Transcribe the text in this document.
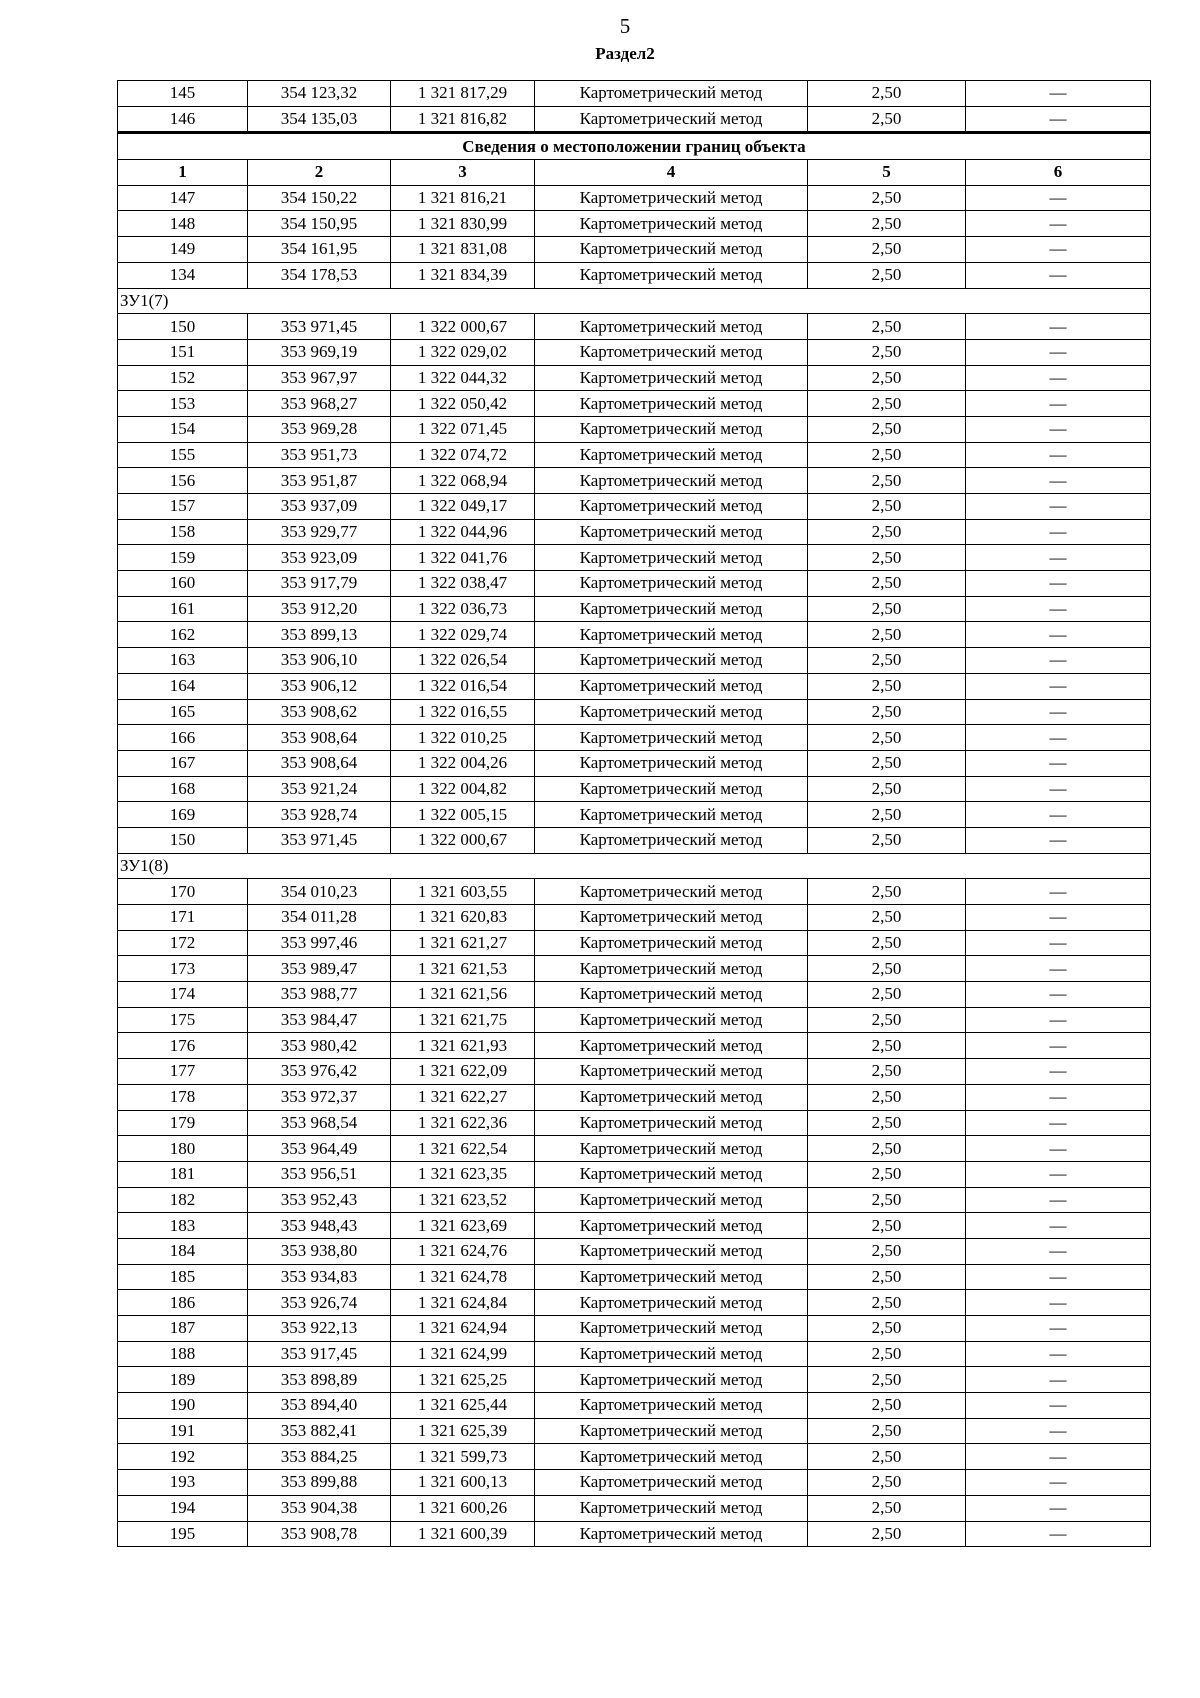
5
Раздел2
145	354 123,32	1 321 817,29	Картометрический метод	2,50	—
146	354 135,03	1 321 816,82	Картометрический метод	2,50	—
Сведения о местоположении границ объекта					
1	2	3	4	5	6
147	354 150,22	1 321 816,21	Картометрический метод	2,50	—
148	354 150,95	1 321 830,99	Картометрический метод	2,50	—
149	354 161,95	1 321 831,08	Картометрический метод	2,50	—
134	354 178,53	1 321 834,39	Картометрический метод	2,50	—
ЗУ1(7)					
150	353 971,45	1 322 000,67	Картометрический метод	2,50	—
151	353 969,19	1 322 029,02	Картометрический метод	2,50	—
152	353 967,97	1 322 044,32	Картометрический метод	2,50	—
153	353 968,27	1 322 050,42	Картометрический метод	2,50	—
154	353 969,28	1 322 071,45	Картометрический метод	2,50	—
155	353 951,73	1 322 074,72	Картометрический метод	2,50	—
156	353 951,87	1 322 068,94	Картометрический метод	2,50	—
157	353 937,09	1 322 049,17	Картометрический метод	2,50	—
158	353 929,77	1 322 044,96	Картометрический метод	2,50	—
159	353 923,09	1 322 041,76	Картометрический метод	2,50	—
160	353 917,79	1 322 038,47	Картометрический метод	2,50	—
161	353 912,20	1 322 036,73	Картометрический метод	2,50	—
162	353 899,13	1 322 029,74	Картометрический метод	2,50	—
163	353 906,10	1 322 026,54	Картометрический метод	2,50	—
164	353 906,12	1 322 016,54	Картометрический метод	2,50	—
165	353 908,62	1 322 016,55	Картометрический метод	2,50	—
166	353 908,64	1 322 010,25	Картометрический метод	2,50	—
167	353 908,64	1 322 004,26	Картометрический метод	2,50	—
168	353 921,24	1 322 004,82	Картометрический метод	2,50	—
169	353 928,74	1 322 005,15	Картометрический метод	2,50	—
150	353 971,45	1 322 000,67	Картометрический метод	2,50	—
ЗУ1(8)					
170	354 010,23	1 321 603,55	Картометрический метод	2,50	—
171	354 011,28	1 321 620,83	Картометрический метод	2,50	—
172	353 997,46	1 321 621,27	Картометрический метод	2,50	—
173	353 989,47	1 321 621,53	Картометрический метод	2,50	—
174	353 988,77	1 321 621,56	Картометрический метод	2,50	—
175	353 984,47	1 321 621,75	Картометрический метод	2,50	—
176	353 980,42	1 321 621,93	Картометрический метод	2,50	—
177	353 976,42	1 321 622,09	Картометрический метод	2,50	—
178	353 972,37	1 321 622,27	Картометрический метод	2,50	—
179	353 968,54	1 321 622,36	Картометрический метод	2,50	—
180	353 964,49	1 321 622,54	Картометрический метод	2,50	—
181	353 956,51	1 321 623,35	Картометрический метод	2,50	—
182	353 952,43	1 321 623,52	Картометрический метод	2,50	—
183	353 948,43	1 321 623,69	Картометрический метод	2,50	—
184	353 938,80	1 321 624,76	Картометрический метод	2,50	—
185	353 934,83	1 321 624,78	Картометрический метод	2,50	—
186	353 926,74	1 321 624,84	Картометрический метод	2,50	—
187	353 922,13	1 321 624,94	Картометрический метод	2,50	—
188	353 917,45	1 321 624,99	Картометрический метод	2,50	—
189	353 898,89	1 321 625,25	Картометрический метод	2,50	—
190	353 894,40	1 321 625,44	Картометрический метод	2,50	—
191	353 882,41	1 321 625,39	Картометрический метод	2,50	—
192	353 884,25	1 321 599,73	Картометрический метод	2,50	—
193	353 899,88	1 321 600,13	Картометрический метод	2,50	—
194	353 904,38	1 321 600,26	Картометрический метод	2,50	—
195	353 908,78	1 321 600,39	Картометрический метод	2,50	—
